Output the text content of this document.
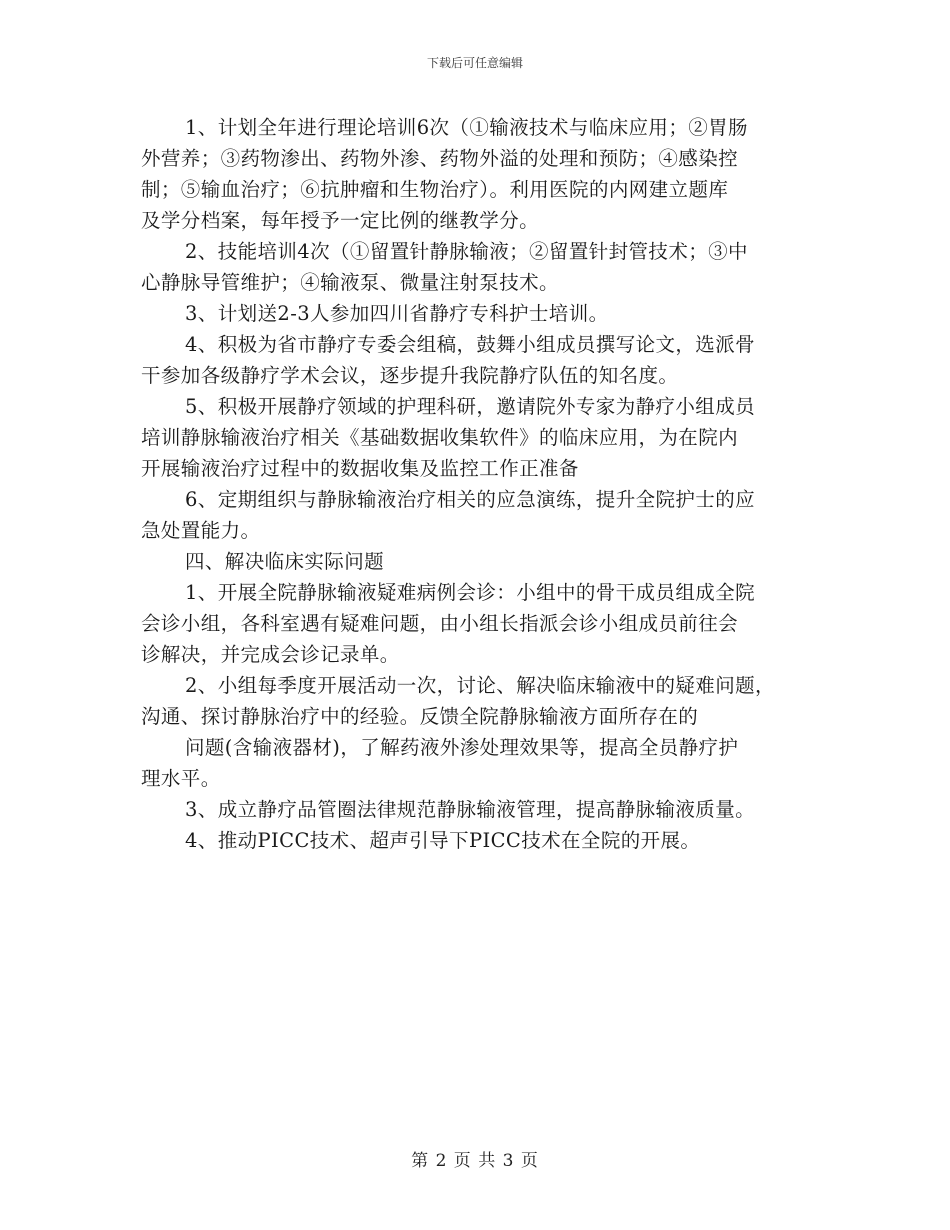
下载后可任意编辑
1、计划全年进行理论培训6次（①输液技术与临床应用；②胃肠
外营养；③药物渗出、药物外渗、药物外溢的处理和预防；④感染控
制；⑤输血治疗；⑥抗肿瘤和生物治疗）。利用医院的内网建立题库
及学分档案，每年授予一定比例的继教学分。
2、技能培训4次（①留置针静脉输液；②留置针封管技术；③中
心静脉导管维护；④输液泵、微量注射泵技术。
3、计划送2-3人参加四川省静疗专科护士培训。
4、积极为省市静疗专委会组稿，鼓舞小组成员撰写论文，选派骨
干参加各级静疗学术会议，逐步提升我院静疗队伍的知名度。
5、积极开展静疗领域的护理科研，邀请院外专家为静疗小组成员
培训静脉输液治疗相关《基础数据收集软件》的临床应用，为在院内
开展输液治疗过程中的数据收集及监控工作正准备
6、定期组织与静脉输液治疗相关的应急演练，提升全院护士的应
急处置能力。
四、解决临床实际问题
1、开展全院静脉输液疑难病例会诊：小组中的骨干成员组成全院
会诊小组，各科室遇有疑难问题，由小组长指派会诊小组成员前往会
诊解决，并完成会诊记录单。
2、小组每季度开展活动一次，讨论、解决临床输液中的疑难问题，
沟通、探讨静脉治疗中的经验。反馈全院静脉输液方面所存在的
问题(含输液器材)，了解药液外渗处理效果等，提高全员静疗护
理水平。
3、成立静疗品管圈法律规范静脉输液管理，提高静脉输液质量。
4、推动PICC技术、超声引导下PICC技术在全院的开展。
第 2 页 共 3 页
